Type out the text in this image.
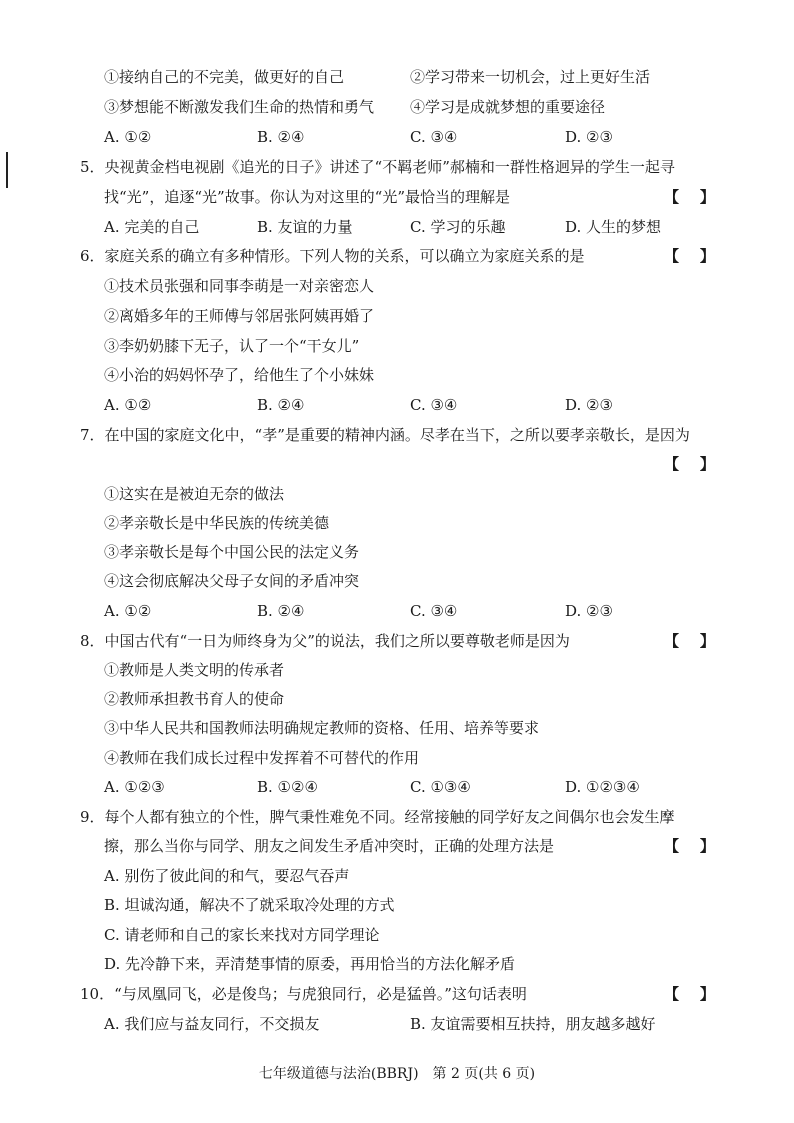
①接纳自己的不完美，做更好的自己	②学习带来一切机会，过上更好生活
③梦想能不断激发我们生命的热情和勇气 ④学习是成就梦想的重要途径
A. ①②	B. ②④	C. ③④	D. ②③
5．央视黄金档电视剧《追光的日子》讲述了“不羁老师”郝楠和一群性格迥异的学生一起寻
找“光”，追逐“光”故事。你认为对这里的“光”最恰当的理解是	【    】
A. 完美的自己	B. 友谊的力量	C. 学习的乐趣	D. 人生的梦想
6．家庭关系的确立有多种情形。下列人物的关系，可以确立为家庭关系的是	【    】
①技术员张强和同事李萌是一对亲密恋人
②离婚多年的王师傅与邻居张阿姨再婚了
③李奶奶膝下无子，认了一个“干女儿”
④小治的妈妈怀孕了，给他生了个小妹妹
A. ①②	B. ②④	C. ③④	D. ②③
7．在中国的家庭文化中，“孝”是重要的精神内涵。尽孝在当下，之所以要孝亲敬长，是因为
【    】
①这实在是被迫无奈的做法
②孝亲敬长是中华民族的传统美德
③孝亲敬长是每个中国公民的法定义务
④这会彻底解决父母子女间的矛盾冲突
A. ①②	B. ②④	C. ③④	D. ②③
8．中国古代有“一日为师终身为父”的说法，我们之所以要尊敬老师是因为	【    】
①教师是人类文明的传承者
②教师承担教书育人的使命
③中华人民共和国教师法明确规定教师的资格、任用、培养等要求
④教师在我们成长过程中发挥着不可替代的作用
A. ①②③	B. ①②④	C. ①③④	D. ①②③④
9．每个人都有独立的个性，脾气秉性难免不同。经常接触的同学好友之间偶尔也会发生摩
擦，那么当你与同学、朋友之间发生矛盾冲突时，正确的处理方法是	【    】
A. 别伤了彼此间的和气，要忍气吞声
B. 坦诚沟通，解决不了就采取冷处理的方式
C. 请老师和自己的家长来找对方同学理论
D. 先冷静下来，弄清楚事情的原委，再用恰当的方法化解矛盾
10．“与凤凰同飞，必是俊鸟；与虎狼同行，必是猛兽。”这句话表明	【    】
A. 我们应与益友同行，不交损友	B. 友谊需要相互扶持，朋友越多越好
七年级道德与法治(BBRJ)　第 2 页(共 6 页)
